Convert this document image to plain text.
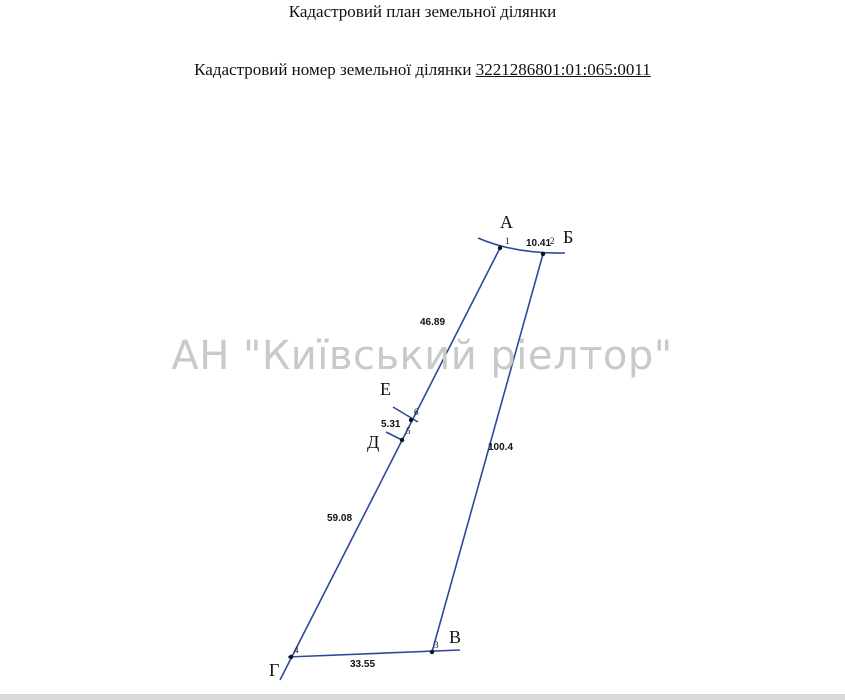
Кадастровий план земельної ділянки
Кадастровий номер земельної ділянки 3221286801:01:065:0011
А
Б
В
Г
Д
Е
1	2
3
4
5
6
10.41
100.4
33.55
59.08
5.31
46.89
АН "Київський ріелтор"
